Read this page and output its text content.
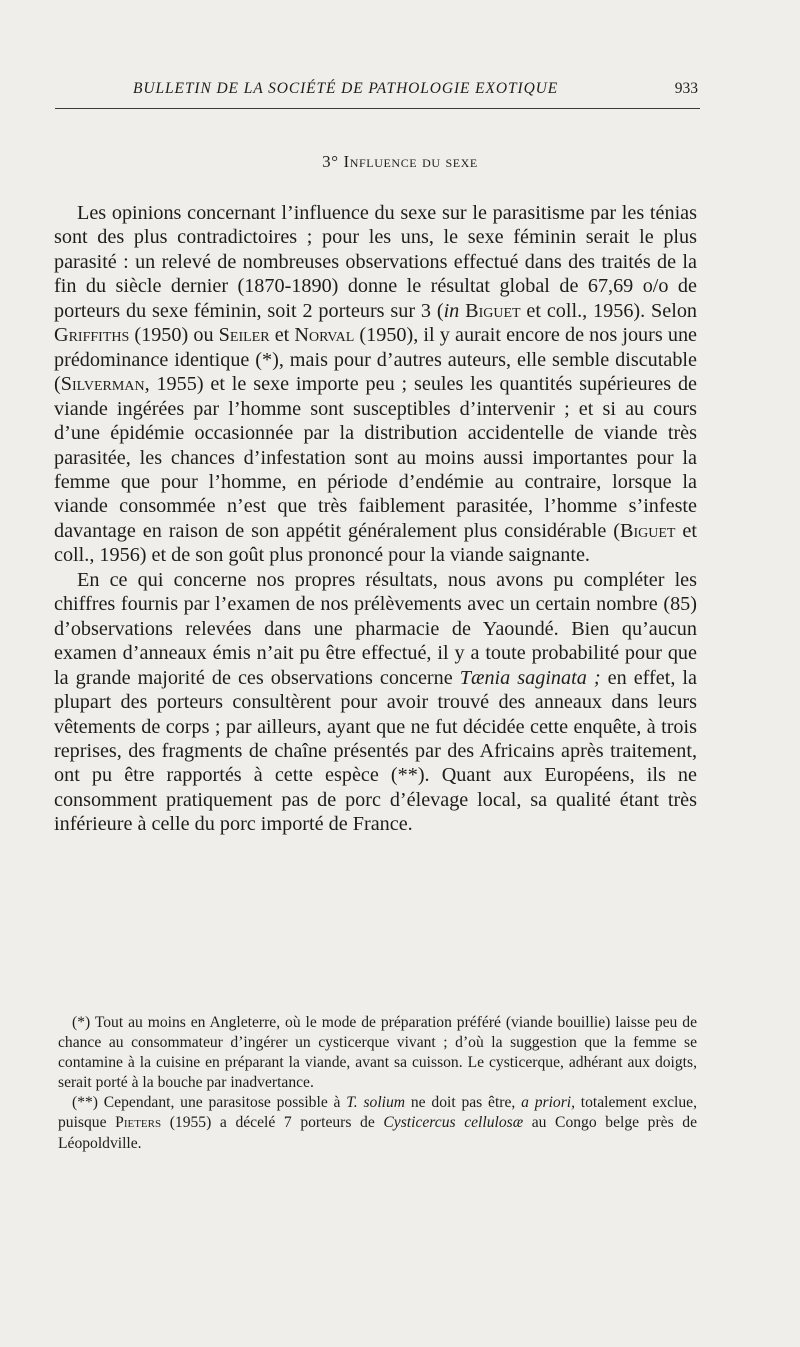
BULLETIN DE LA SOCIÉTÉ DE PATHOLOGIE EXOTIQUE	933
3° Influence du sexe

Les opinions concernant l’influence du sexe sur le parasitisme par les ténias sont des plus contradictoires ; pour les uns, le sexe féminin serait le plus parasité : un relevé de nombreuses observations effectué dans des traités de la fin du siècle dernier (1870-1890) donne le résultat global de 67,69 o/o de porteurs du sexe féminin, soit 2 porteurs sur 3 (in Biguet et coll., 1956). Selon Griffiths (1950) ou Seiler et Norval (1950), il y aurait encore de nos jours une prédominance identique (*), mais pour d’autres auteurs, elle semble discutable (Silverman, 1955) et le sexe importe peu ; seules les quantités supérieures de viande ingérées par l’homme sont susceptibles d’intervenir ; et si au cours d’une épidémie occasionnée par la distribution accidentelle de viande très parasitée, les chances d’infestation sont au moins aussi importantes pour la femme que pour l’homme, en période d’endémie au contraire, lorsque la viande consommée n’est que très faiblement parasitée, l’homme s’infeste davantage en raison de son appétit généralement plus considérable (Biguet et coll., 1956) et de son goût plus prononcé pour la viande saignante.

En ce qui concerne nos propres résultats, nous avons pu compléter les chiffres fournis par l’examen de nos prélèvements avec un certain nombre (85) d’observations relevées dans une pharmacie de Yaoundé. Bien qu’aucun examen d’anneaux émis n’ait pu être effectué, il y a toute probabilité pour que la grande majorité de ces observations concerne Tænia saginata ; en effet, la plupart des porteurs consultèrent pour avoir trouvé des anneaux dans leurs vêtements de corps ; par ailleurs, ayant que ne fut décidée cette enquête, à trois reprises, des fragments de chaîne présentés par des Africains après traitement, ont pu être rapportés à cette espèce (**). Quant aux Européens, ils ne consomment pratiquement pas de porc d’élevage local, sa qualité étant très inférieure à celle du porc importé de France.

(*) Tout au moins en Angleterre, où le mode de préparation préféré (viande bouillie) laisse peu de chance au consommateur d’ingérer un cysticerque vivant ; d’où la suggestion que la femme se contamine à la cuisine en préparant la viande, avant sa cuisson. Le cysticerque, adhérant aux doigts, serait porté à la bouche par inadvertance.

(**) Cependant, une parasitose possible à T. solium ne doit pas être, a priori, totalement exclue, puisque Pieters (1955) a décelé 7 porteurs de Cysticercus cellulosæ au Congo belge près de Léopoldville.
